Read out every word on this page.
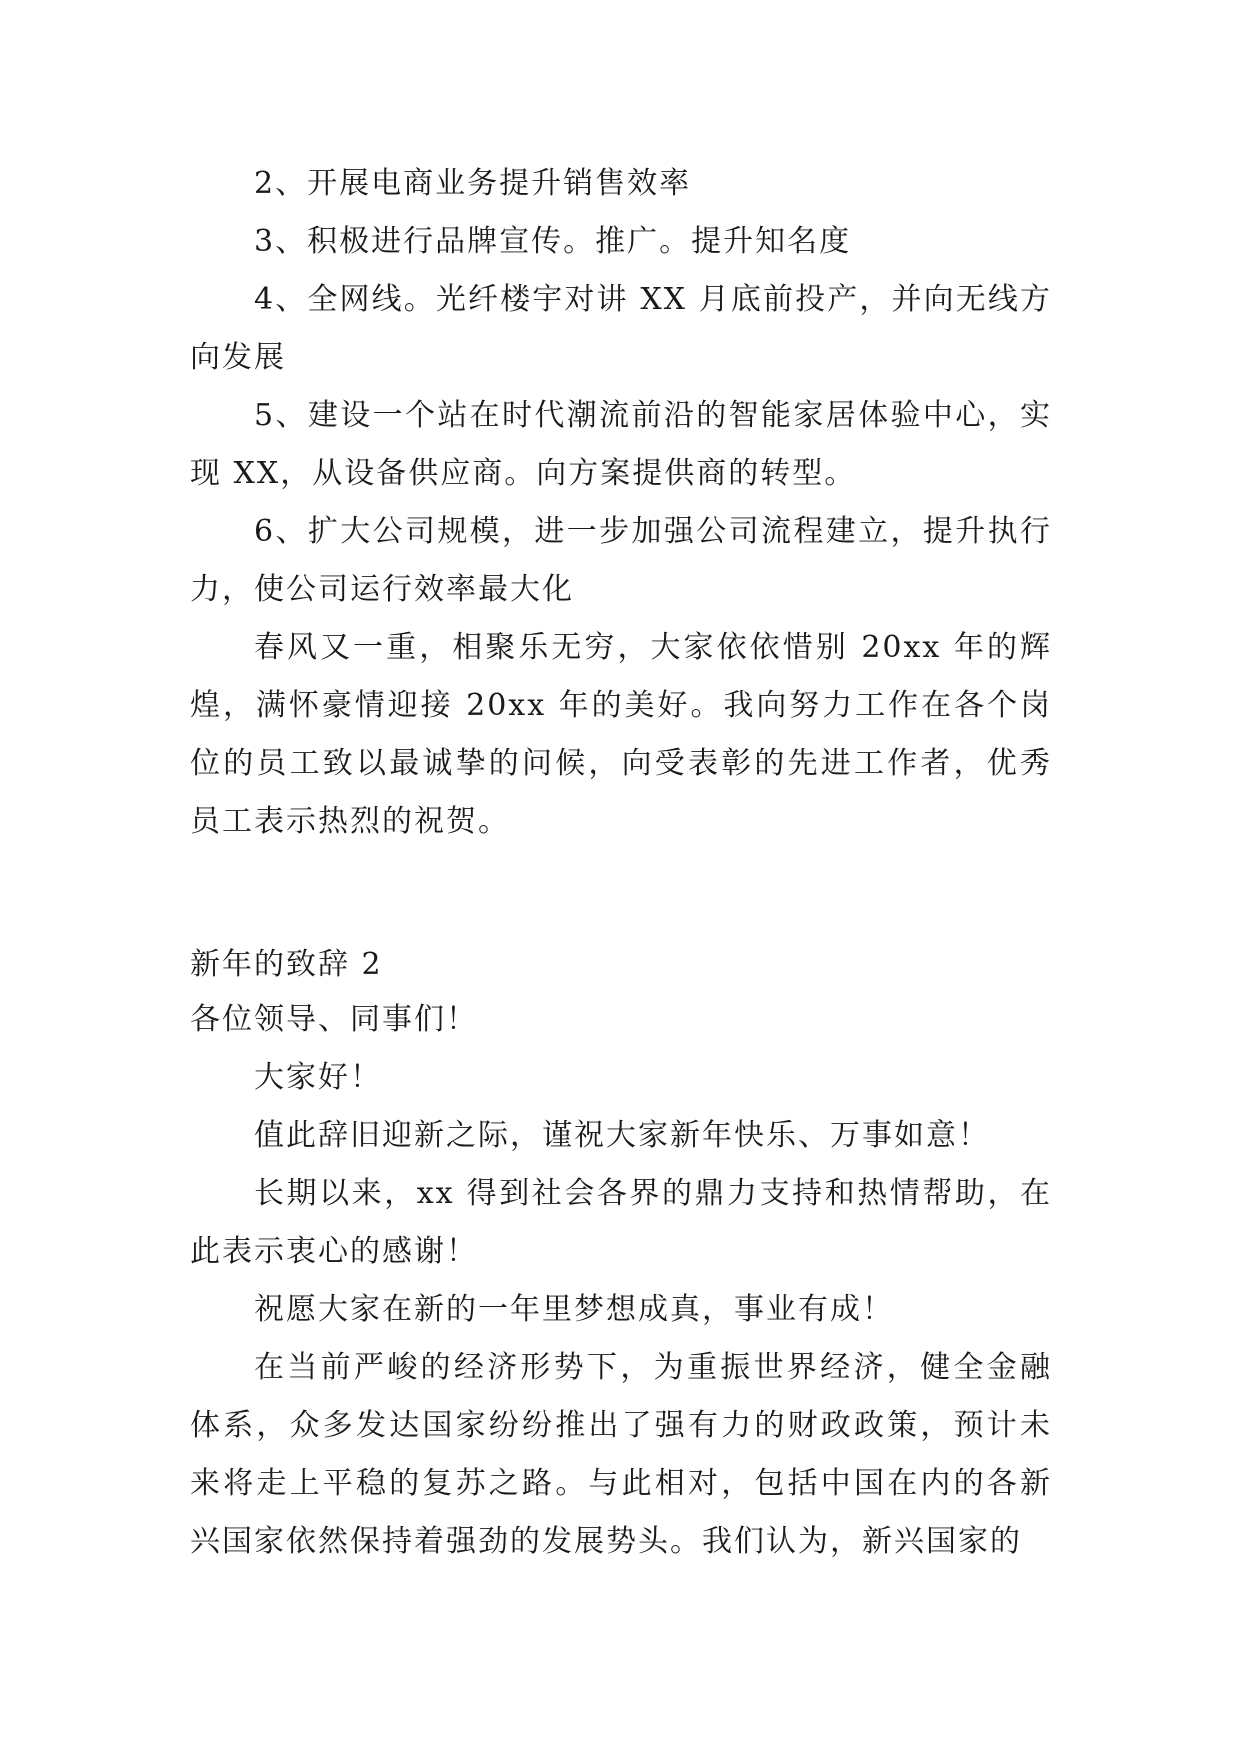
2、开展电商业务提升销售效率

3、积极进行品牌宣传。推广。提升知名度

4、全网线。光纤楼宇对讲 XX 月底前投产，并向无线方向发展

5、建设一个站在时代潮流前沿的智能家居体验中心，实现 XX，从设备供应商。向方案提供商的转型。

6、扩大公司规模，进一步加强公司流程建立，提升执行力，使公司运行效率最大化

春风又一重，相聚乐无穷，大家依依惜别 20xx 年的辉煌，满怀豪情迎接 20xx 年的美好。我向努力工作在各个岗位的员工致以最诚挚的问候，向受表彰的先进工作者，优秀员工表示热烈的祝贺。

新年的致辞 2

各位领导、同事们！

大家好！

值此辞旧迎新之际，谨祝大家新年快乐、万事如意！

长期以来，xx 得到社会各界的鼎力支持和热情帮助，在此表示衷心的感谢！

祝愿大家在新的一年里梦想成真，事业有成！

在当前严峻的经济形势下，为重振世界经济，健全金融体系，众多发达国家纷纷推出了强有力的财政政策，预计未来将走上平稳的复苏之路。与此相对，包括中国在内的各新兴国家依然保持着强劲的发展势头。我们认为，新兴国家的
